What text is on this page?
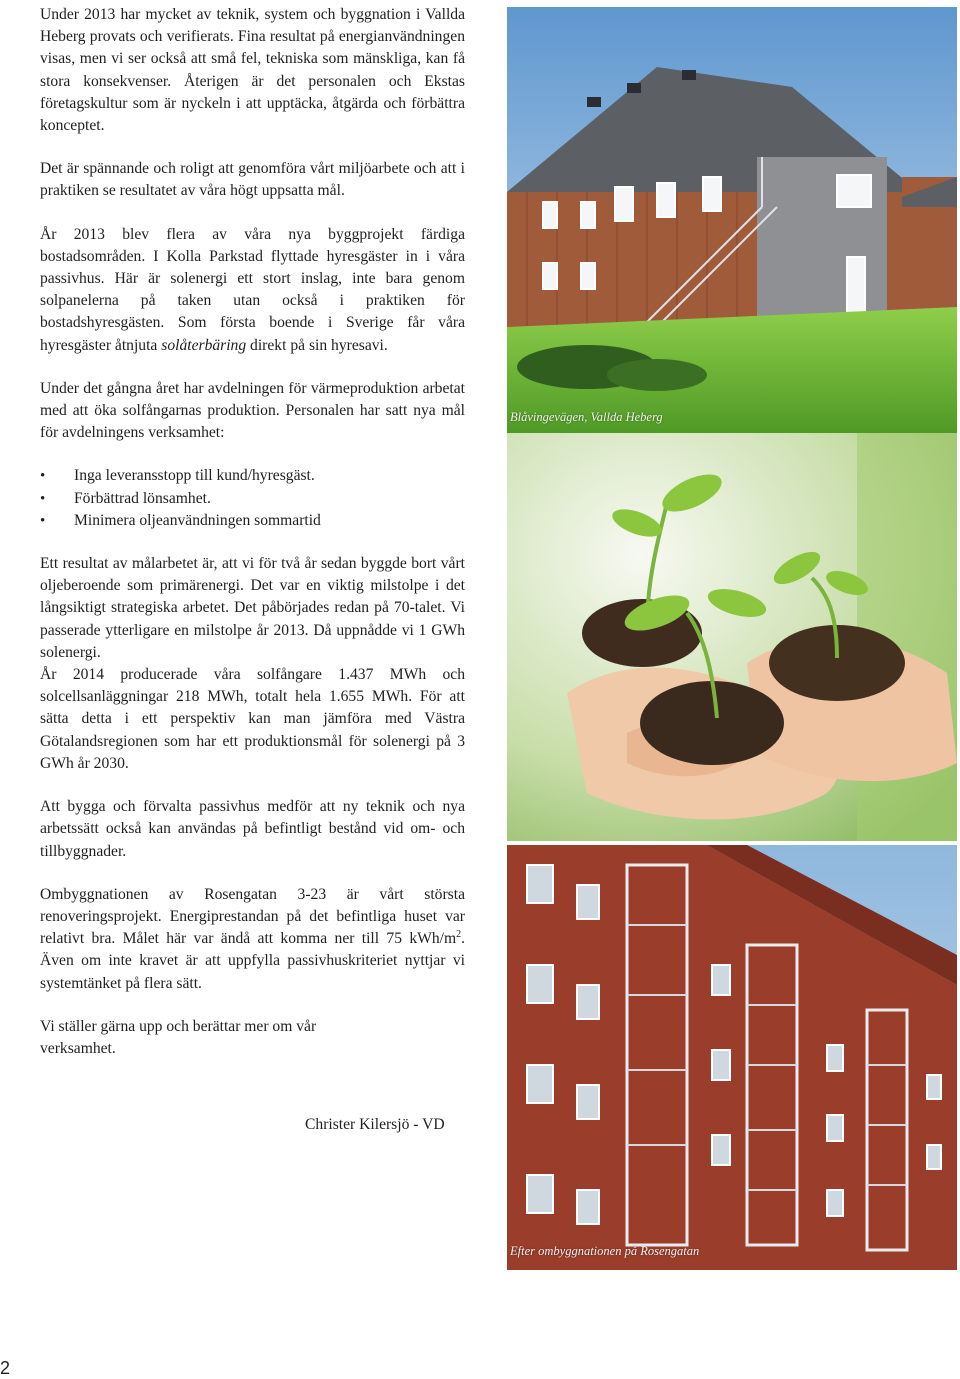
Under 2013 har mycket av teknik, system och byggnation i Vallda Heberg provats och verifierats. Fina resultat på energianvändningen visas, men vi ser också att små fel, tekniska som mänskliga, kan få stora konsekvenser. Återigen är det personalen och Ekstas företagskultur som är nyckeln i att upptäcka, åtgärda och förbättra konceptet.

Det är spännande och roligt att genomföra vårt miljöarbete och att i praktiken se resultatet av våra högt uppsatta mål.

År 2013 blev flera av våra nya byggprojekt färdiga bostadsområden. I Kolla Parkstad flyttade hyresgäster in i våra passivhus. Här är solenergi ett stort inslag, inte bara genom solpanelerna på taken utan också i praktiken för bostadshyresgästen. Som första boende i Sverige får våra hyresgäster åtnjuta solåterbäring direkt på sin hyresavi.

Under det gångna året har avdelningen för värmeproduktion arbetat med att öka solfångarnas produktion. Personalen har satt nya mål för avdelningens verksamhet:

• Inga leveransstopp till kund/hyresgäst.
• Förbättrad lönsamhet.
• Minimera oljeanvändningen sommartid

Ett resultat av målarbetet är, att vi för två år sedan byggde bort vårt oljeberoende som primärenergi. Det var en viktig milstolpe i det långsiktigt strategiska arbetet. Det påbörjades redan på 70-talet. Vi passerade ytterligare en milstolpe år 2013. Då uppnådde vi 1 GWh solenergi.

År 2014 producerade våra solfångare 1.437 MWh och solcellsanläggningar 218 MWh, totalt hela 1.655 MWh. För att sätta detta i ett perspektiv kan man jämföra med Västra Götalandsregionen som har ett produktionsmål för solenergi på 3 GWh år 2030.

Att bygga och förvalta passivhus medför att ny teknik och nya arbetssätt också kan användas på befintligt bestånd vid om- och tillbyggnader.

Ombyggnationen av Rosengatan 3-23 är vårt största renoveringsprojekt. Energiprestandan på det befintliga huset var relativt bra. Målet här var ändå att komma ner till 75 kWh/$m^2$. Även om inte kravet är att uppfylla passivhuskriteriet nyttjar vi systemtänket på flera sätt.

Vi ställer gärna upp och berättar mer om vår verksamhet.

Christer Kilersjö - VD
2
Blåvingevägen, Vallda Heberg
Efter ombyggnationen på Rosengatan
